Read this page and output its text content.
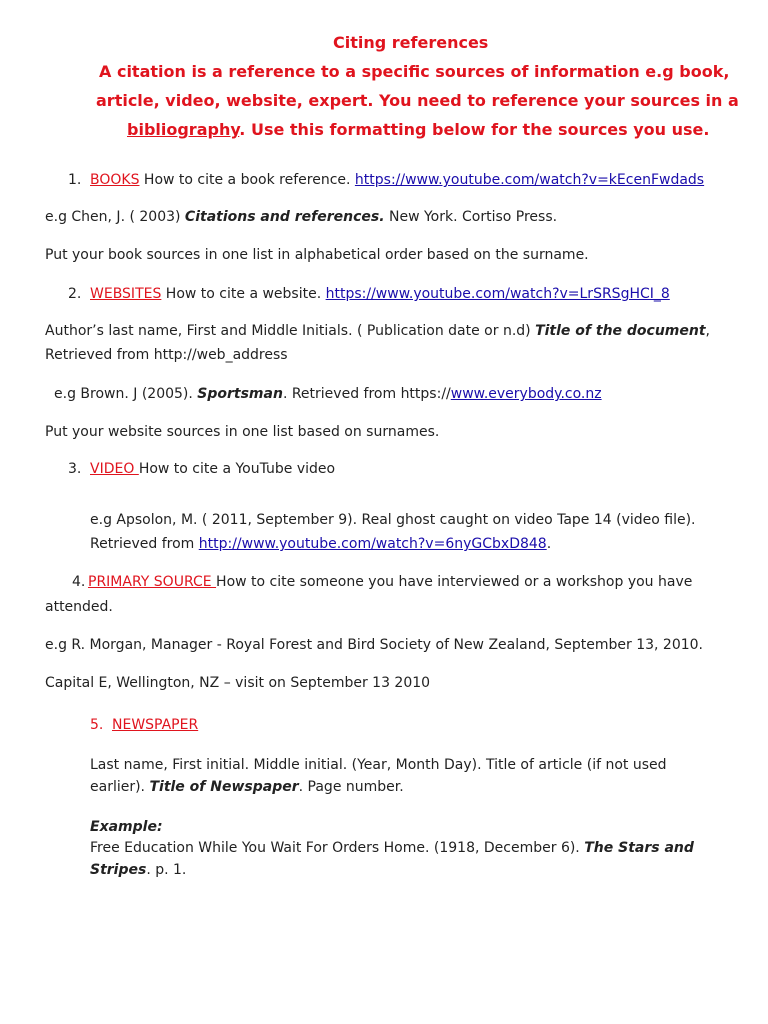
Citing references
A citation is a reference to a specific sources of information e.g book,
article, video, website, expert. You need to reference your sources in a
bibliography. Use this formatting below for the sources you use.
1. BOOKS How to cite a book reference. https://www.youtube.com/watch?v=kEcenFwdads
e.g Chen, J. ( 2003) Citations and references. New York. Cortiso Press.
Put your book sources in one list in alphabetical order based on the surname.
2. WEBSITES How to cite a website. https://www.youtube.com/watch?v=LrSRSgHCI_8
Author’s last name, First and Middle Initials. ( Publication date or n.d) Title of the document,
Retrieved from http://web_address
e.g Brown. J (2005). Sportsman. Retrieved from https://www.everybody.co.nz
Put your website sources in one list based on surnames.
3. VIDEO How to cite a YouTube video
e.g Apsolon, M. ( 2011, September 9). Real ghost caught on video Tape 14 (video file).
Retrieved from http://www.youtube.com/watch?v=6nyGCbxD848.
4. PRIMARY SOURCE How to cite someone you have interviewed or a workshop you have
attended.
e.g R. Morgan, Manager - Royal Forest and Bird Society of New Zealand, September 13, 2010.
Capital E, Wellington, NZ – visit on September 13 2010
5. NEWSPAPER
Last name, First initial. Middle initial. (Year, Month Day). Title of article (if not used
earlier). Title of Newspaper. Page number.
Example:
Free Education While You Wait For Orders Home. (1918, December 6). The Stars and
Stripes. p. 1.
